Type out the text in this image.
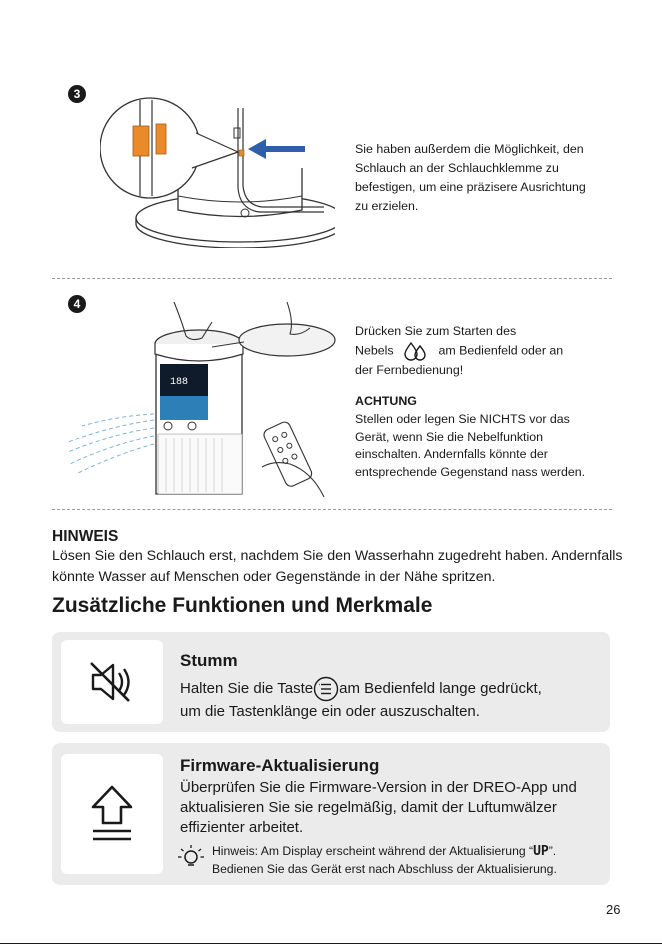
3
Sie haben außerdem die Möglichkeit, den Schlauch an der Schlauchklemme zu befestigen, um eine präzisere Ausrichtung zu erzielen.
4
188
Drücken Sie zum Starten des
Nebels	am Bedienfeld oder an
der Fernbedienung!
ACHTUNG
Stellen oder legen Sie NICHTS vor das Gerät, wenn Sie die Nebelfunktion einschalten. Andernfalls könnte der entsprechende Gegenstand nass werden.
HINWEIS
Lösen Sie den Schlauch erst, nachdem Sie den Wasserhahn zugedreht haben. Andernfalls könnte Wasser auf Menschen oder Gegenstände in der Nähe spritzen.
Zusätzliche Funktionen und Merkmale
Stumm
Halten Sie die Taste am Bedienfeld lange gedrückt,
um die Tastenklänge ein oder auszuschalten.
Firmware-Aktualisierung
Überprüfen Sie die Firmware-Version in der DREO-App und aktualisieren Sie sie regelmäßig, damit der Luftumwälzer effizienter arbeitet.
Hinweis: Am Display erscheint während der Aktualisierung “UP”.
Bedienen Sie das Gerät erst nach Abschluss der Aktualisierung.
26
